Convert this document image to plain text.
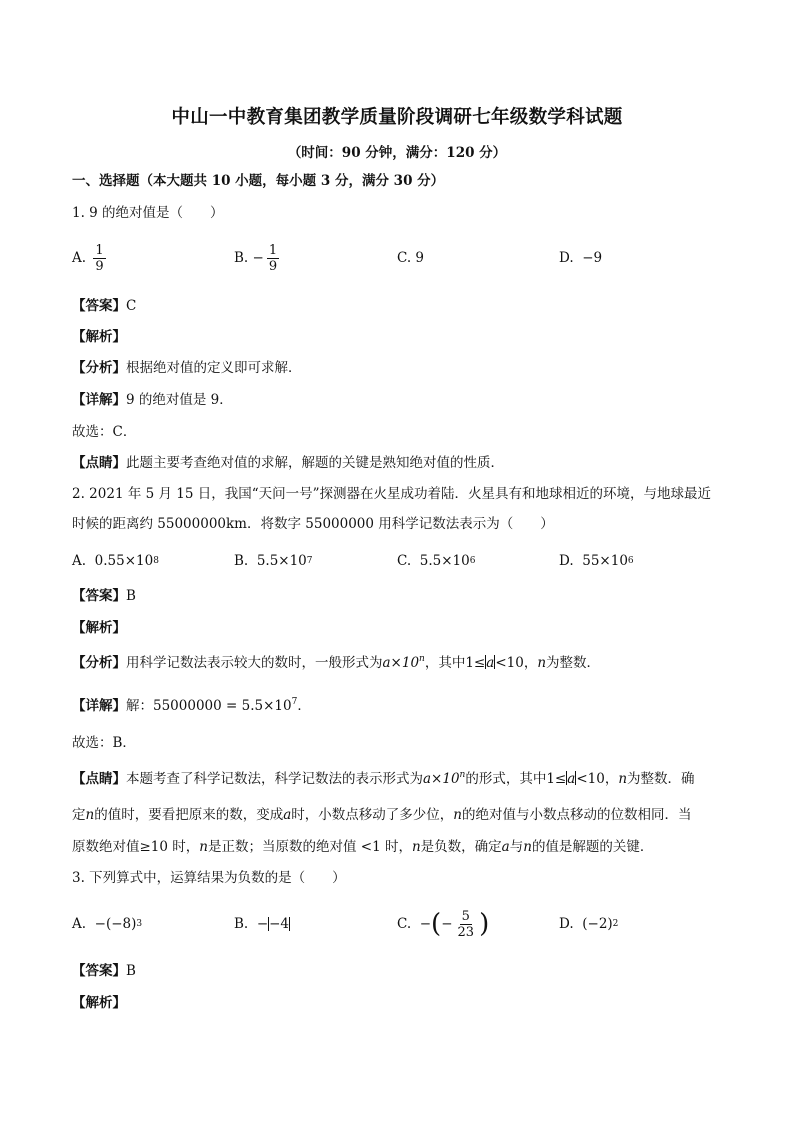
中山一中教育集团教学质量阶段调研七年级数学科试题
（时间：90 分钟，满分：120 分）
一、选择题（本大题共 10 小题，每小题 3 分，满分 30 分）
1. 9 的绝对值是（　　）
A.
$\frac{1}{9}$	B.
− $\frac{1}{9}$	C. 9	D.
−9
【答案】C
【解析】
【分析】根据绝对值的定义即可求解．
【详解】9 的绝对值是 9．
故选：C．
【点睛】此题主要考查绝对值的求解，解题的关键是熟知绝对值的性质．
2. 2021 年 5 月 15 日，我国“天问一号”探测器在火星成功着陆．火星具有和地球相近的环境，与地球最近
时候的距离约 55000000km．将数字 55000000 用科学记数法表示为（　　）
A.
0.55×10 8	B.
5.5×10 7	C.
5.5×10 6	D.
55×10 6
【答案】B
【解析】
【分析】用科学记数法表示较大的数时，一般形式为$a\times 10^n$，其中1≤a<10，n为整数．
【详解】解：$55000000 = 5.5\times 10^7$．
故选：B．
【点睛】本题考查了科学记数法，科学记数法的表示形式为$a\times 10^n$的形式，其中1≤a<10，n为整数．确
定n的值时，要看把原来的数，变成a时，小数点移动了多少位，n的绝对值与小数点移动的位数相同．当
原数绝对值≥10 时，n是正数；当原数的绝对值 <1 时，n是负数，确定a与n的值是解题的关键．
3. 下列算式中，运算结果为负数的是（　　）
A.
−(−8) 3	B.
− −4	C.
− ( − $\frac{5}{23}$ )	D.
(−2) 2
【答案】B
【解析】
